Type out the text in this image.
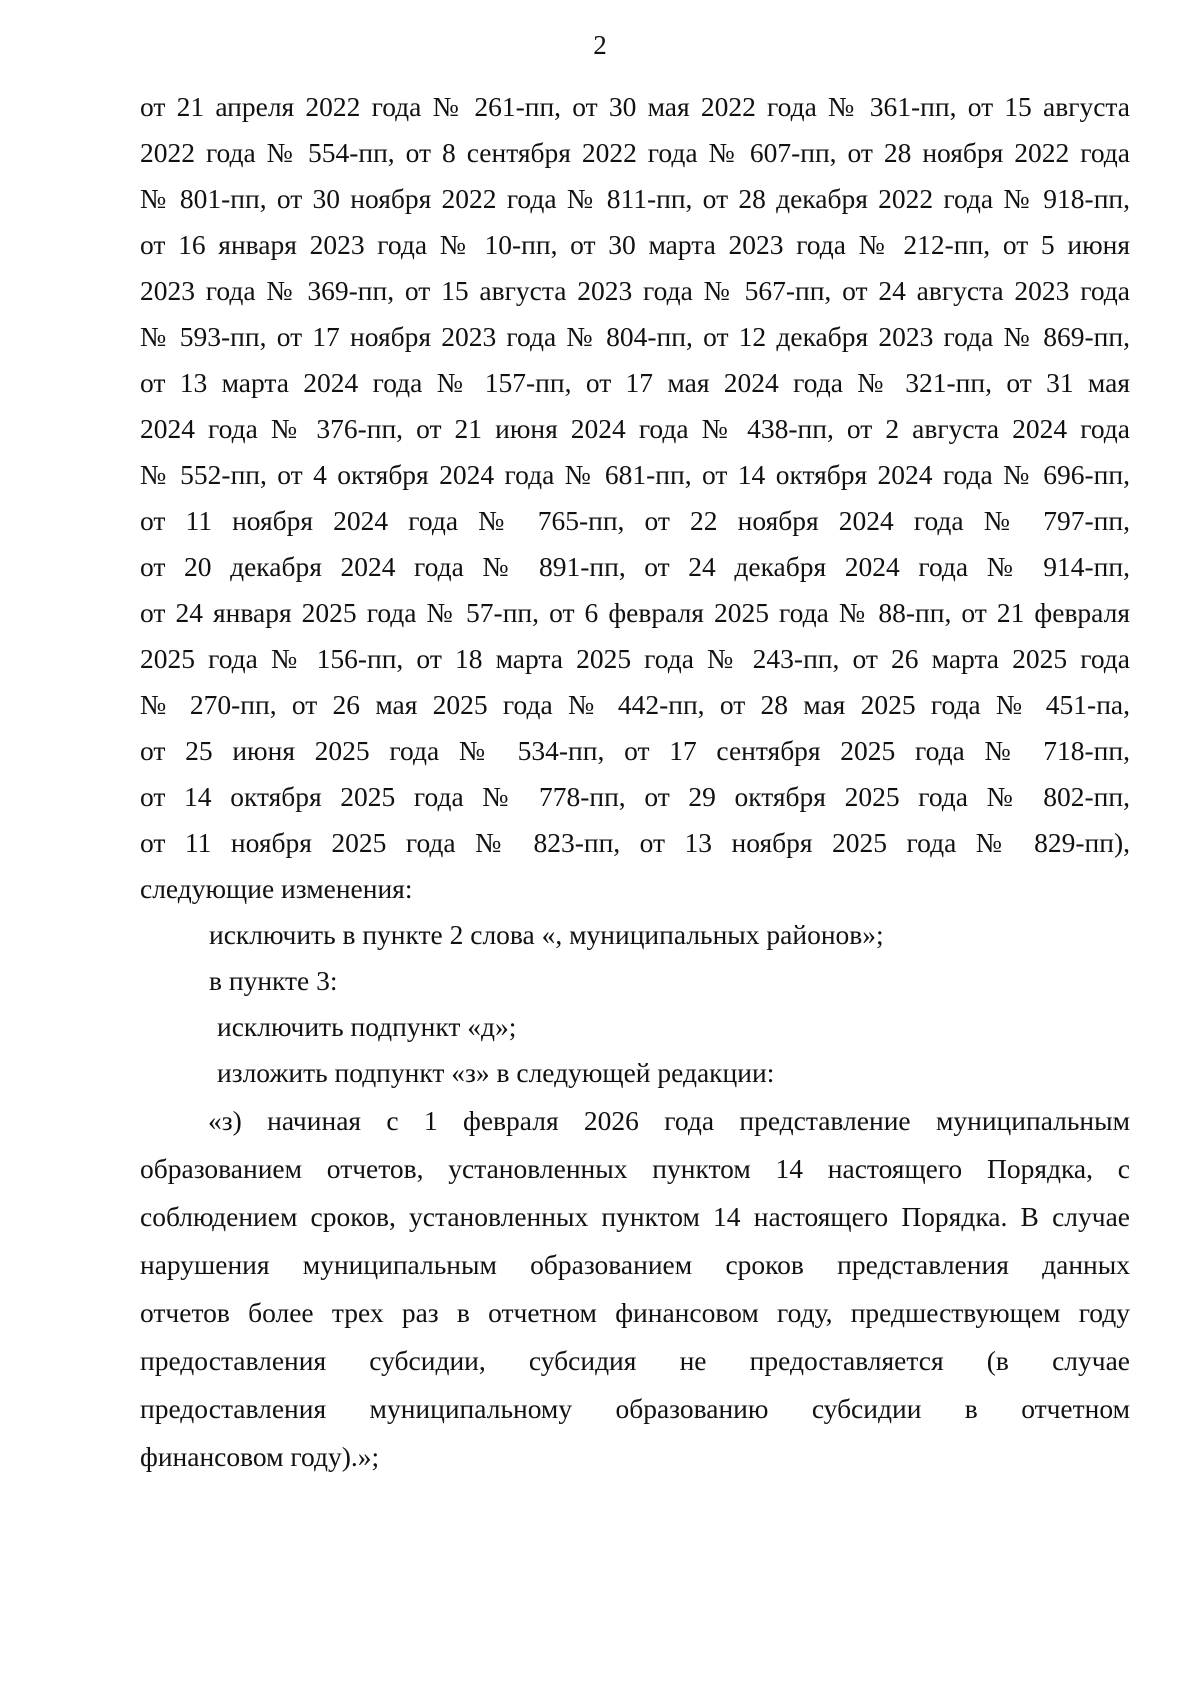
2
от 21 апреля 2022 года № 261-пп, от 30 мая 2022 года № 361-пп, от 15 августа
2022 года № 554-пп, от 8 сентября 2022 года № 607-пп, от 28 ноября 2022 года
№ 801-пп, от 30 ноября 2022 года № 811-пп, от 28 декабря 2022 года № 918-пп,
от 16 января 2023 года № 10-пп, от 30 марта 2023 года № 212-пп, от 5 июня
2023 года № 369-пп, от 15 августа 2023 года № 567-пп, от 24 августа 2023 года
№ 593-пп, от 17 ноября 2023 года № 804-пп, от 12 декабря 2023 года № 869-пп,
от 13 марта 2024 года № 157-пп, от 17 мая 2024 года № 321-пп, от 31 мая
2024 года № 376-пп, от 21 июня 2024 года № 438-пп, от 2 августа 2024 года
№ 552-пп, от 4 октября 2024 года № 681-пп, от 14 октября 2024 года № 696-пп,
от 11 ноября 2024 года № 765-пп, от 22 ноября 2024 года № 797-пп,
от 20 декабря 2024 года № 891-пп, от 24 декабря 2024 года № 914-пп,
от 24 января 2025 года № 57-пп, от 6 февраля 2025 года № 88-пп, от 21 февраля
2025 года № 156-пп, от 18 марта 2025 года № 243-пп, от 26 марта 2025 года
№ 270-пп, от 26 мая 2025 года № 442-пп, от 28 мая 2025 года № 451-па,
от 25 июня 2025 года № 534-пп, от 17 сентября 2025 года № 718-пп,
от 14 октября 2025 года № 778-пп, от 29 октября 2025 года № 802-пп,
от 11 ноября 2025 года № 823-пп, от 13 ноября 2025 года № 829-пп),
следующие изменения:
исключить в пункте 2 слова «, муниципальных районов»;
в пункте 3:
исключить подпункт «д»;
изложить подпункт «з» в следующей редакции:
«з) начиная с 1 февраля 2026 года представление муниципальным
образованием отчетов, установленных пунктом 14 настоящего Порядка, с
соблюдением сроков, установленных пунктом 14 настоящего Порядка. В случае
нарушения муниципальным образованием сроков представления данных
отчетов более трех раз в отчетном финансовом году, предшествующем году
предоставления субсидии, субсидия не предоставляется (в случае
предоставления муниципальному образованию субсидии в отчетном
финансовом году).»;
